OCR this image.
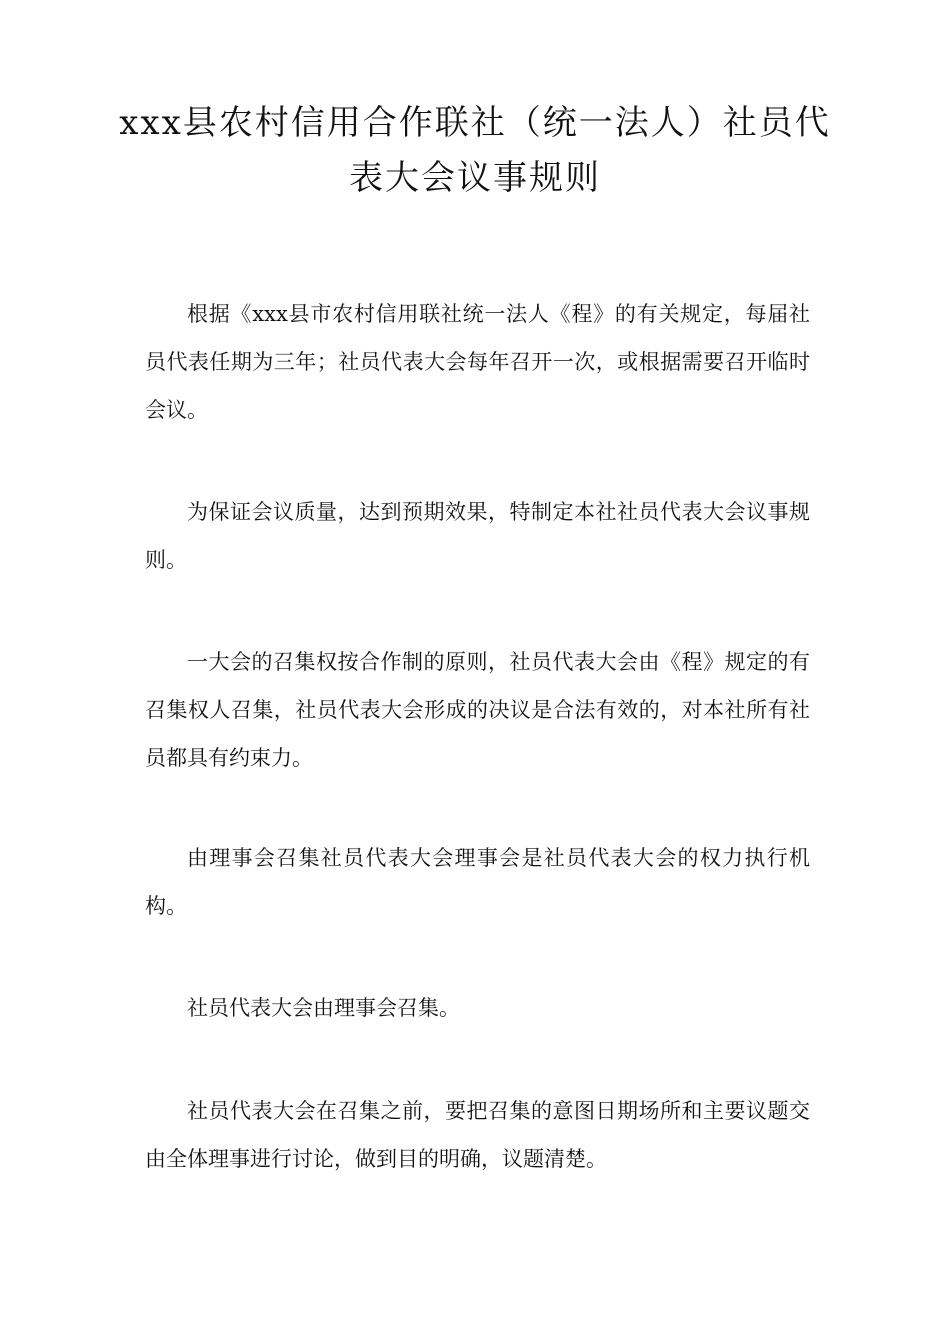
xxx县农村信用合作联社（统一法人）社员代表大会议事规则

根据《xxx县市农村信用联社统一法人《程》的有关规定，每届社员代表任期为三年；社员代表大会每年召开一次，或根据需要召开临时会议。

为保证会议质量，达到预期效果，特制定本社社员代表大会议事规则。

一大会的召集权按合作制的原则，社员代表大会由《程》规定的有召集权人召集，社员代表大会形成的决议是合法有效的，对本社所有社员都具有约束力。

由理事会召集社员代表大会理事会是社员代表大会的权力执行机构。

社员代表大会由理事会召集。

社员代表大会在召集之前，要把召集的意图日期场所和主要议题交由全体理事进行讨论，做到目的明确，议题清楚。
